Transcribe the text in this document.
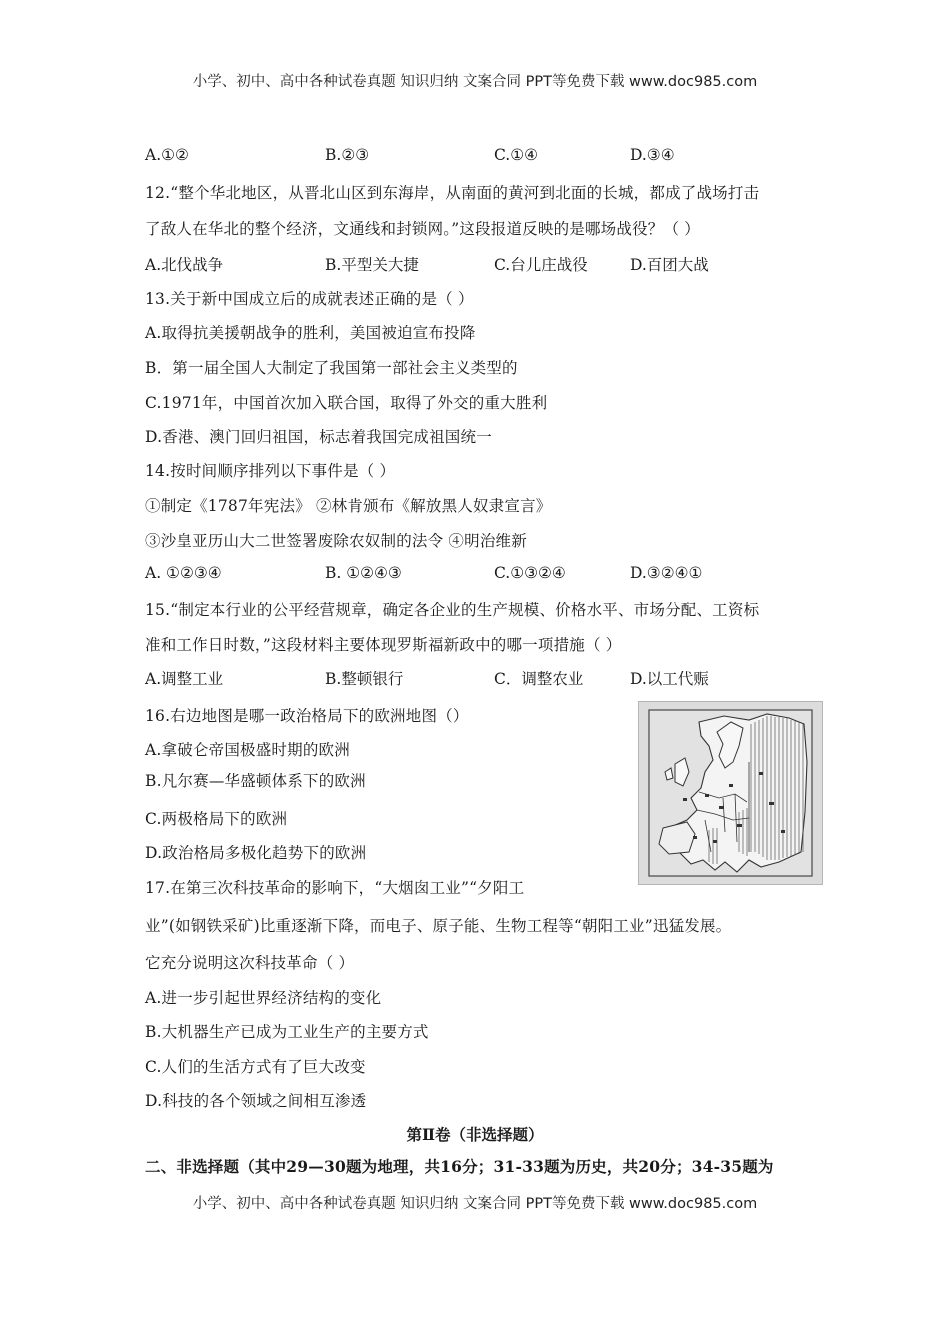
小学、初中、高中各种试卷真题 知识归纳 文案合同 PPT等免费下载 www.doc985.com
A.①②	B.②③	C.①④	D.③④
12.“整个华北地区，从晋北山区到东海岸，从南面的黄河到北面的长城，都成了战场打击
了敌人在华北的整个经济，文通线和封锁网。”这段报道反映的是哪场战役？（ ）
A.北伐战争	B.平型关大捷	C.台儿庄战役	D.百团大战
13.关于新中国成立后的成就表述正确的是（ ）
A.取得抗美援朝战争的胜利，美国被迫宣布投降
B．第一届全国人大制定了我国第一部社会主义类型的
C.1971年，中国首次加入联合国，取得了外交的重大胜利
D.香港、澳门回归祖国，标志着我国完成祖国统一
14.按时间顺序排列以下事件是（ ）
①制定《1787年宪法》 ②林肯颁布《解放黑人奴隶宣言》
③沙皇亚历山大二世签署废除农奴制的法令 ④明治维新
A. ①②③④	B. ①②④③	C.①③②④	D.③②④①
15.“制定本行业的公平经营规章，确定各企业的生产规模、价格水平、市场分配、工资标
准和工作日时数，”这段材料主要体现罗斯福新政中的哪一项措施（ ）
A.调整工业	B.整顿银行	C．调整农业	D.以工代赈
16.右边地图是哪一政治格局下的欧洲地图（）
A.拿破仑帝国极盛时期的欧洲
B.凡尔赛—华盛顿体系下的欧洲
C.两极格局下的欧洲
D.政治格局多极化趋势下的欧洲
17.在第三次科技革命的影响下，“大烟囱工业”“夕阳工
业”(如钢铁采矿)比重逐渐下降，而电子、原子能、生物工程等“朝阳工业”迅猛发展。
它充分说明这次科技革命（ ）
A.进一步引起世界经济结构的变化
B.大机器生产已成为工业生产的主要方式
C.人们的生活方式有了巨大改变
D.科技的各个领域之间相互渗透
第Ⅱ卷（非选择题）
二、非选择题（其中29—30题为地理，共16分；31-33题为历史，共20分；34-35题为
小学、初中、高中各种试卷真题 知识归纳 文案合同 PPT等免费下载 www.doc985.com
